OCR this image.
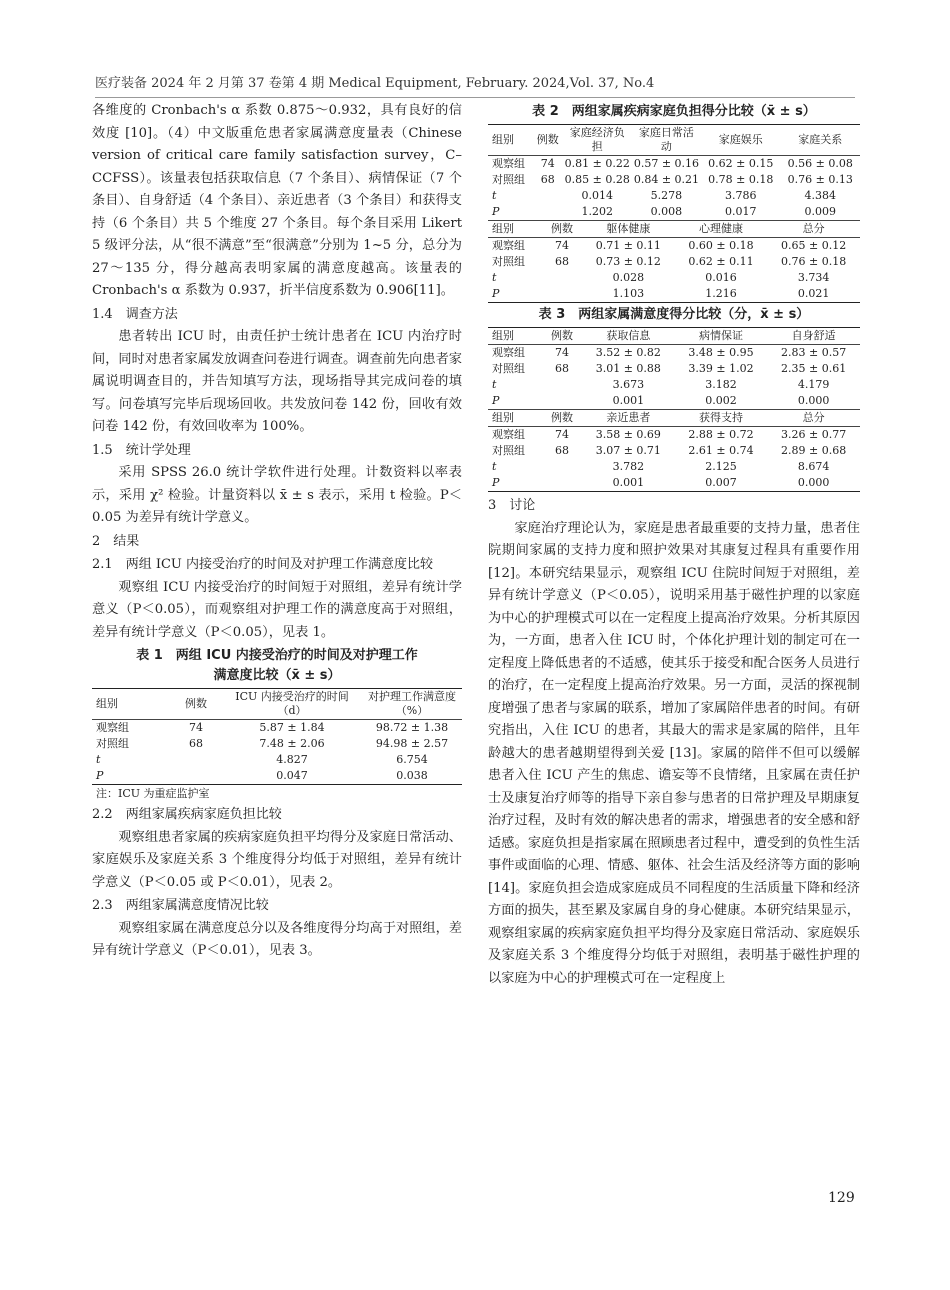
医疗装备 2024 年 2 月第 37 卷第 4 期 Medical Equipment, February. 2024,Vol. 37, No.4

各维度的 Cronbach's α 系数 0.875～0.932，具有良好的信效度 [10]。（4）中文版重危患者家属满意度量表（Chinese version of critical care family satisfaction survey，C–CCFSS）。该量表包括获取信息（7 个条目）、病情保证（7 个条目）、自身舒适（4 个条目）、亲近患者（3 个条目）和获得支持（6 个条目）共 5 个维度 27 个条目。每个条目采用 Likert 5 级评分法，从“很不满意”至“很满意”分别为 1~5 分，总分为 27～135 分，得分越高表明家属的满意度越高。该量表的 Cronbach's α 系数为 0.937，折半信度系数为 0.906[11]。

1.4　 调查方法

患者转出 ICU 时，由责任护士统计患者在 ICU 内治疗时间，同时对患者家属发放调查问卷进行调查。调查前先向患者家属说明调查目的，并告知填写方法，现场指导其完成问卷的填写。问卷填写完毕后现场回收。共发放问卷 142 份，回收有效问卷 142 份，有效回收率为 100%。

1.5　 统计学处理

采用 SPSS 26.0 统计学软件进行处理。计数资料以率表示，采用 χ² 检验。计量资料以 x̄ ± s 表示，采用 t 检验。P＜0.05 为差异有统计学意义。

2　 结果
2.1　 两组 ICU 内接受治疗的时间及对护理工作满意度比较

观察组 ICU 内接受治疗的时间短于对照组，差异有统计学意义（P＜0.05），而观察组对护理工作的满意度高于对照组，差异有统计学意义（P＜0.05），见表 1。

表 1　两组 ICU 内接受治疗的时间及对护理工作
满意度比较（x̄ ± s）
组别	例数	ICU 内接受治疗的时间（d）	对护理工作满意度（%）
观察组	74	5.87 ± 1.84	98.72 ± 1.38
对照组	68	7.48 ± 2.06	94.98 ± 2.57
t		4.827	6.754
P		0.047	0.038
注：ICU 为重症监护室
2.2　 两组家属疾病家庭负担比较

观察组患者家属的疾病家庭负担平均得分及家庭日常活动、家庭娱乐及家庭关系 3 个维度得分均低于对照组，差异有统计学意义（P＜0.05 或 P＜0.01），见表 2。

2.3　 两组家属满意度情况比较

观察组家属在满意度总分以及各维度得分均高于对照组，差异有统计学意义（P＜0.01），见表 3。

表 2　两组家属疾病家庭负担得分比较（x̄ ± s）
组别	例数	家庭经济负担	家庭日常活动	家庭娱乐	家庭关系
观察组	74	0.81 ± 0.22	0.57 ± 0.16	0.62 ± 0.15	0.56 ± 0.08
对照组	68	0.85 ± 0.28	0.84 ± 0.21	0.78 ± 0.18	0.76 ± 0.13
t		0.014	5.278	3.786	4.384
P		1.202	0.008	0.017	0.009
组别	例数	躯体健康	心理健康	总分
观察组	74	0.71 ± 0.11	0.60 ± 0.18	0.65 ± 0.12
对照组	68	0.73 ± 0.12	0.62 ± 0.11	0.76 ± 0.18
t		0.028	0.016	3.734
P		1.103	1.216	0.021
表 3　两组家属满意度得分比较（分，x̄ ± s）
组别	例数	获取信息	病情保证	自身舒适
观察组	74	3.52 ± 0.82	3.48 ± 0.95	2.83 ± 0.57
对照组	68	3.01 ± 0.88	3.39 ± 1.02	2.35 ± 0.61
t		3.673	3.182	4.179
P		0.001	0.002	0.000
组别	例数	亲近患者	获得支持	总分
观察组	74	3.58 ± 0.69	2.88 ± 0.72	3.26 ± 0.77
对照组	68	3.07 ± 0.71	2.61 ± 0.74	2.89 ± 0.68
t		3.782	2.125	8.674
P		0.001	0.007	0.000
3　 讨论

家庭治疗理论认为，家庭是患者最重要的支持力量，患者住院期间家属的支持力度和照护效果对其康复过程具有重要作用 [12]。本研究结果显示，观察组 ICU 住院时间短于对照组，差异有统计学意义（P＜0.05），说明采用基于磁性护理的以家庭为中心的护理模式可以在一定程度上提高治疗效果。分析其原因为，一方面，患者入住 ICU 时，个体化护理计划的制定可在一定程度上降低患者的不适感，使其乐于接受和配合医务人员进行的治疗，在一定程度上提高治疗效果。另一方面，灵活的探视制度增强了患者与家属的联系，增加了家属陪伴患者的时间。有研究指出，入住 ICU 的患者，其最大的需求是家属的陪伴，且年龄越大的患者越期望得到关爱 [13]。家属的陪伴不但可以缓解患者入住 ICU 产生的焦虑、谵妄等不良情绪，且家属在责任护士及康复治疗师等的指导下亲自参与患者的日常护理及早期康复治疗过程，及时有效的解决患者的需求，增强患者的安全感和舒适感。家庭负担是指家属在照顾患者过程中，遭受到的负性生活事件或面临的心理、情感、躯体、社会生活及经济等方面的影响 [14]。家庭负担会造成家庭成员不同程度的生活质量下降和经济方面的损失，甚至累及家属自身的身心健康。本研究结果显示，观察组家属的疾病家庭负担平均得分及家庭日常活动、家庭娱乐及家庭关系 3 个维度得分均低于对照组，表明基于磁性护理的以家庭为中心的护理模式可在一定程度上

129
